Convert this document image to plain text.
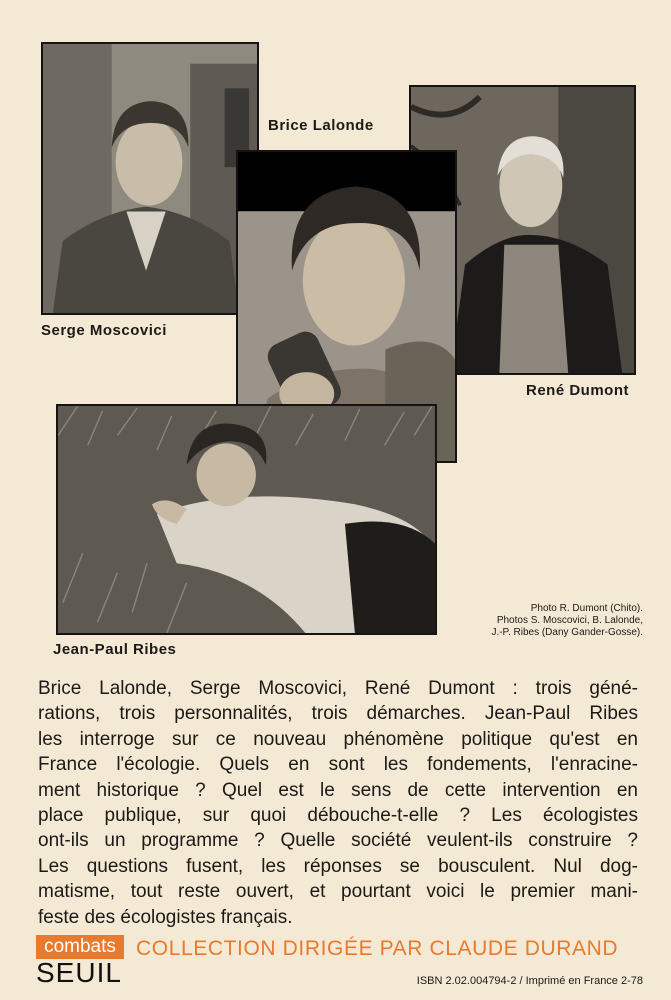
Brice Lalonde
Serge Moscovici
René Dumont
Jean-Paul Ribes
Photo R. Dumont (Chito).
Photos S. Moscovici, B. Lalonde,
J.-P. Ribes (Dany Gander-Gosse).
Brice Lalonde, Serge Moscovici, René Dumont : trois géné-
rations, trois personnalités, trois démarches. Jean-Paul Ribes
les interroge sur ce nouveau phénomène politique qu'est en
France l'écologie. Quels en sont les fondements, l'enracine-
ment historique ? Quel est le sens de cette intervention en
place publique, sur quoi débouche-t-elle ? Les écologistes
ont-ils un programme ? Quelle société veulent-ils construire ?
Les questions fusent, les réponses se bousculent. Nul dog-
matisme, tout reste ouvert, et pourtant voici le premier mani-
feste des écologistes français.
combats
SEUIL
COLLECTION DIRIGÉE PAR CLAUDE DURAND
ISBN 2.02.004794-2 / Imprimé en France 2-78
